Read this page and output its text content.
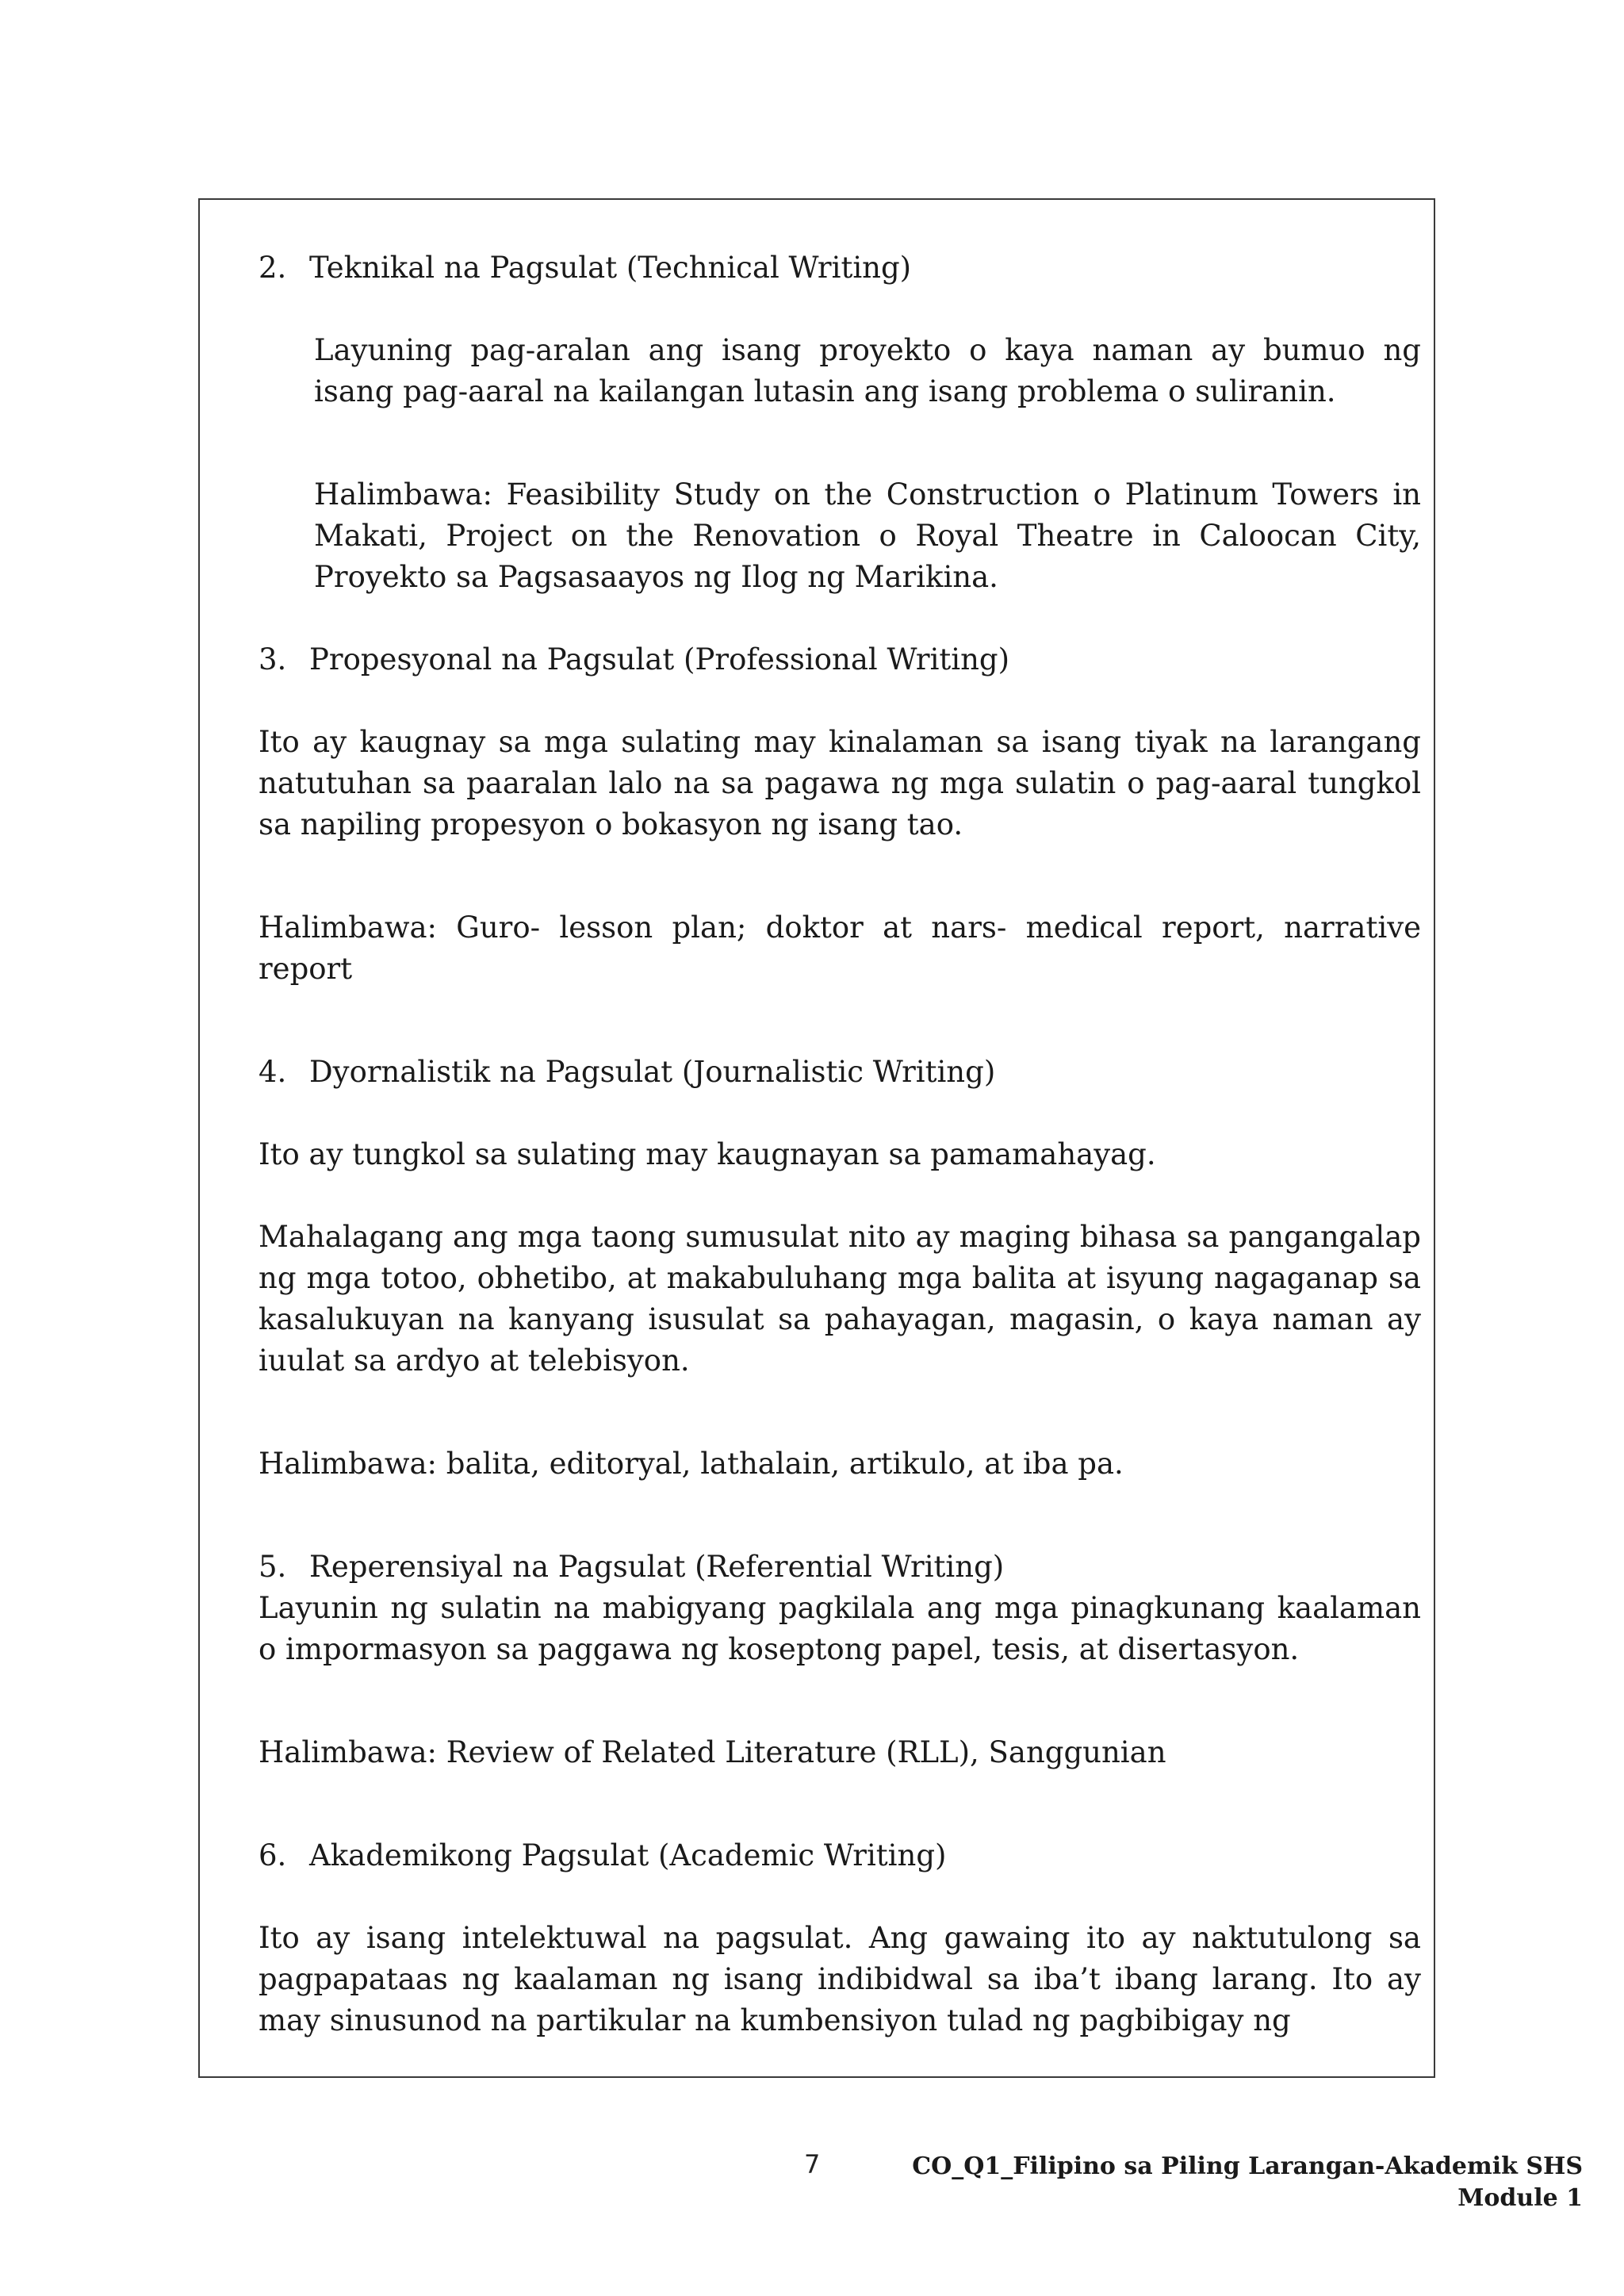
2. Teknikal na Pagsulat (Technical Writing)

Layuning pag-aralan ang isang proyekto o kaya naman ay bumuo ng isang pag-aaral na kailangan lutasin ang isang problema o suliranin.

Halimbawa: Feasibility Study on the Construction o Platinum Towers in Makati, Project on the Renovation o Royal Theatre in Caloocan City, Proyekto sa Pagsasaayos ng Ilog ng Marikina.

3. Propesyonal na Pagsulat (Professional Writing)

Ito ay kaugnay sa mga sulating may kinalaman sa isang tiyak na larangang natutuhan sa paaralan lalo na sa pagawa ng mga sulatin o pag-aaral tungkol sa napiling propesyon o bokasyon ng isang tao.

Halimbawa: Guro- lesson plan; doktor at nars- medical report, narrative report

4. Dyornalistik na Pagsulat (Journalistic Writing)

Ito ay tungkol sa sulating may kaugnayan sa pamamahayag.

Mahalagang ang mga taong sumusulat nito ay maging bihasa sa pangangalap ng mga totoo, obhetibo, at makabuluhang mga balita at isyung nagaganap sa kasalukuyan na kanyang isusulat sa pahayagan, magasin, o kaya naman ay iuulat sa ardyo at telebisyon.

Halimbawa: balita, editoryal, lathalain, artikulo, at iba pa.

5. Reperensiyal na Pagsulat (Referential Writing)

Layunin ng sulatin na mabigyang pagkilala ang mga pinagkunang kaalaman o impormasyon sa paggawa ng koseptong papel, tesis, at disertasyon.

Halimbawa: Review of Related Literature (RLL), Sanggunian

6. Akademikong Pagsulat (Academic Writing)

Ito ay isang intelektuwal na pagsulat. Ang gawaing ito ay naktutulong sa pagpapataas ng kaalaman ng isang indibidwal sa iba’t ibang larang. Ito ay may sinusunod na partikular na kumbensiyon tulad ng pagbibigay ng

7	CO_Q1_Filipino sa Piling Larangan-Akademik SHS
Module 1
